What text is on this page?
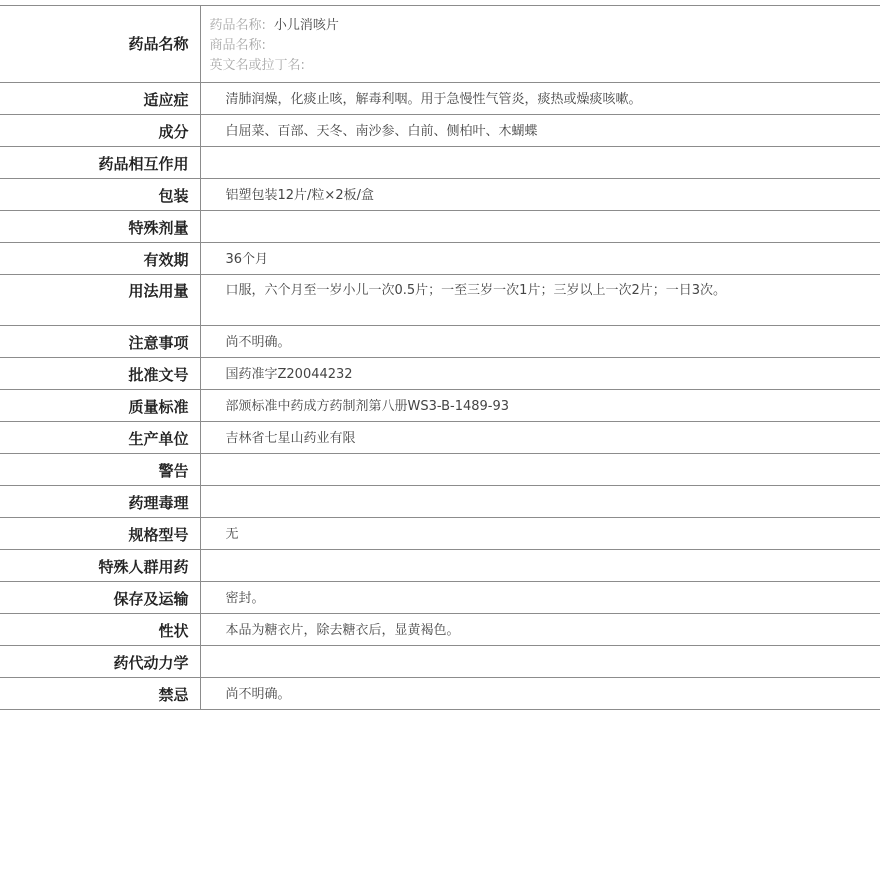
药品名称	药品名称: 小儿消咳片
商品名称:
英文名或拉丁名:

适应症	清肺润燥，化痰止咳，解毒利咽。用于急慢性气管炎，痰热或燥痰咳嗽。
成分	白屈菜、百部、天冬、南沙参、白前、侧柏叶、木蝴蝶
药品相互作用	
包装	铝塑包装12片/粒×2板/盒
特殊剂量	
有效期	36个月
用法用量	口服，六个月至一岁小儿一次0.5片；一至三岁一次1片；三岁以上一次2片；一日3次。

注意事项	尚不明确。
批准文号	国药准字Z20044232
质量标准	部颁标准中药成方药制剂第八册WS3-B-1489-93
生产单位	吉林省七星山药业有限
警告	
药理毒理	
规格型号	无
特殊人群用药	
保存及运输	密封。
性状	本品为糖衣片，除去糖衣后，显黄褐色。
药代动力学	
禁忌	尚不明确。
